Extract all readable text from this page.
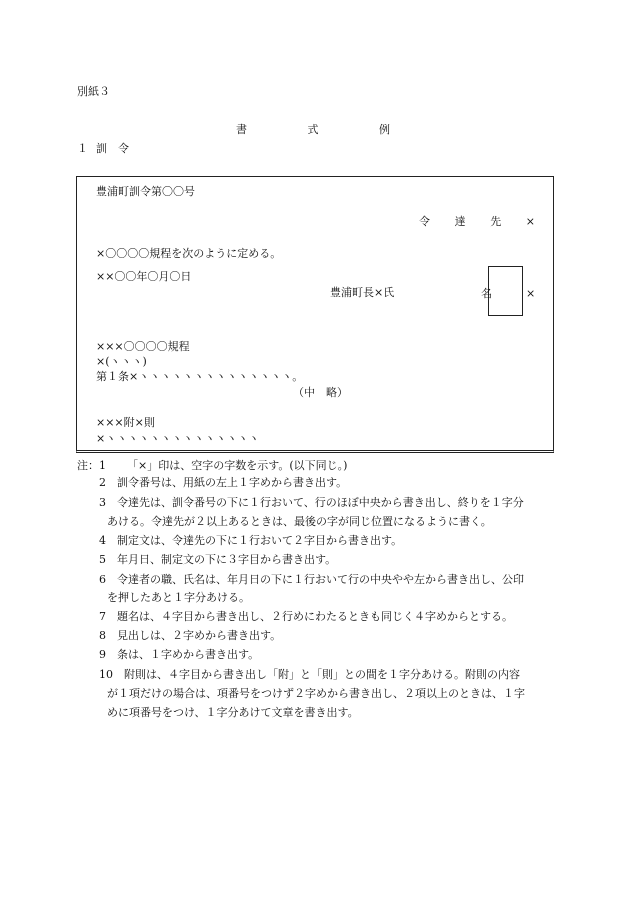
別紙３
書	式	例
１ 訓　令
豊浦町訓令第〇〇号
令 達 先 ×
×〇〇〇〇規程を次のように定める。
××〇〇年〇月〇日
豊浦町長×氏	名	×
×××〇〇〇〇規程
×(ヽヽヽ)
第１条×ヽヽヽヽヽヽヽヽヽヽヽヽヽヽ。
（中　略）
×××附×則
×ヽヽヽヽヽヽヽヽヽヽヽヽヽヽ
注：1 「×」印は、空字の字数を示す。(以下同じ。)
2　訓令番号は、用紙の左上１字めから書き出す。
3　令達先は、訓令番号の下に１行おいて、行のほぼ中央から書き出し、終りを１字分
あける。令達先が２以上あるときは、最後の字が同じ位置になるように書く。
4　制定文は、令達先の下に１行おいて２字目から書き出す。
5　年月日、制定文の下に３字目から書き出す。
6　令達者の職、氏名は、年月日の下に１行おいて行の中央やや左から書き出し、公印
を押したあと１字分あける。
7　題名は、４字目から書き出し、２行めにわたるときも同じく４字めからとする。
8　見出しは、２字めから書き出す。
9　条は、１字めから書き出す。
10　附則は、４字目から書き出し「附」と「則」との間を１字分あける。附則の内容
が１項だけの場合は、項番号をつけず２字めから書き出し、２項以上のときは、１字
めに項番号をつけ、１字分あけて文章を書き出す。
